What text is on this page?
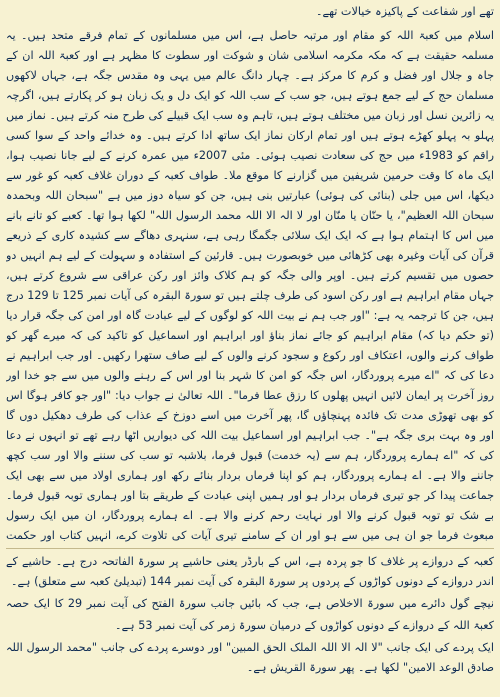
تھے اور شفاعت کے پاکیزہ خیالات تھے۔

اسلام میں کعبۃ اللہ کو مقام اور مرتبہ حاصل ہے، اس میں مسلمانوں کے تمام فرقے متحد ہیں۔ یہ مسلمہ حقیقت ہے کہ مکہ مکرمہ اسلامی شان و شوکت اور سطوت کا مظہر ہے اور کعبۃ اللہ ان کے جاہ و جلال اور فضل و کرم کا مرکز ہے۔ چہار دانگ عالم میں یہی وہ مقدس جگہ ہے، جہاں لاکھوں مسلمان حج کے لیے جمع ہوتے ہیں، جو سب کے سب اللہ کو ایک دل و یک زبان ہو کر پکارتے ہیں، اگرچہ یہ زائرین نسل اور زبان میں مختلف ہوتے ہیں، تاہم وہ سب ایک قبیلے کی طرح منہ کرتے ہیں۔ نماز میں پہلو بہ پہلو کھڑے ہوتے ہیں اور تمام ارکان نماز ایک ساتھ ادا کرتے ہیں۔ وہ خدائے واحد کے سوا کسی

راقم کو 1983ء میں حج کی سعادت نصیب ہوئی۔ مئی 2007ء میں عمرہ کرنے کے لیے جانا نصیب ہوا، ایک ماہ کا وقت حرمین شریفین میں گزارنے کا موقع ملا۔ طواف کعبہ کے دوران غلاف کعبہ کو غور سے دیکھا، اس میں جلی (بنائی کی ہوئی) عبارتیں بنی ہیں، جن کو سیاہ دوز میں ہے "سبحان اللہ وبحمدہ سبحان اللہ العظیم"، یا حنّان یا منّان اور لا الہ الا اللہ محمد الرسول اللہ" لکھا ہوا تھا۔ کعبے کو تانے بانے میں اس کا اہتمام ہوا ہے کہ ایک ایک سلائی جگمگا رہی ہے، سنہری دھاگے سے کشیدہ کاری کے ذریعے قرآن کی آیات وغیرہ بھی کڑھائی میں خوبصورت ہیں۔ قارئین کے استفادہ و سہولت کے لیے ہم انہیں دو حصوں میں تقسیم کرتے ہیں۔ اوپر والی جگہ کو ہم کلاک وائز اور رکن عراقی سے شروع کرتے ہیں، جہاں مقام ابراہیم ہے اور رکن اسود کی طرف چلتے ہیں تو سورۃ البقرہ کی آیات نمبر 125 تا 129 درج ہیں، جن کا ترجمہ یہ ہے: "اور جب ہم نے بیت اللہ کو لوگوں کے لیے عبادت گاہ اور امن کی جگہ قرار دیا (تو حکم دیا کہ) مقام ابراہیم کو جائے نماز بناؤ اور ابراہیم اور اسماعیل کو تاکید کی کہ میرے گھر کو طواف کرنے والوں، اعتکاف اور رکوع و سجود کرنے والوں کے لیے صاف ستھرا رکھیں۔ اور جب ابراہیم نے دعا کی کہ "اے میرے پروردگار، اس جگہ کو امن کا شہر بنا اور اس کے رہنے والوں میں سے جو خدا اور روز آخرت پر ایمان لائیں انہیں پھلوں کا رزق عطا فرما"۔ اللہ تعالیٰ نے جواب دیا: "اور جو کافر ہوگا اس کو بھی تھوڑی مدت تک فائدہ پہنچاؤں گا، پھر آخرت میں اسے دوزخ کے عذاب کی طرف دھکیل دوں گا اور وہ بہت بری جگہ ہے"۔ جب ابراہیم اور اسماعیل بیت اللہ کی دیواریں اٹھا رہے تھے تو انہوں نے دعا کی کہ "اے ہمارے پروردگار، ہم سے (یہ خدمت) قبول فرما، بلاشبہ تو سب کی سننے والا اور سب کچھ جاننے والا ہے۔ اے ہمارے پروردگار، ہم کو اپنا فرماں بردار بنائے رکھ اور ہماری اولاد میں سے بھی ایک جماعت پیدا کر جو تیری فرماں بردار ہو اور ہمیں اپنی عبادت کے طریقے بتا اور ہماری توبہ قبول فرما۔ بے شک تو توبہ قبول کرنے والا اور نہایت رحم کرنے والا ہے۔ اے ہمارے پروردگار، ان میں ایک رسول مبعوث فرما جو ان ہی میں سے ہو اور ان کے سامنے تیری آیات کی تلاوت کرے، انہیں کتاب اور حکمت

کعبہ کے دروازے پر غلاف کا جو پردہ ہے، اس کے بارڈر یعنی حاشیے پر سورۃ الفاتحہ درج ہے۔ حاشیے کے اندر دروازے کے دونوں کواڑوں کے پردوں پر سورۃ البقرہ کی آیت نمبر 144 (تبدیلیٔ کعبہ سے متعلق) ہے۔

نیچے گول دائرے میں سورۃ الاخلاص ہے، جب کہ بائیں جانب سورۃ الفتح کی آیت نمبر 29 کا ایک حصہ

کعبۃ اللہ کے دروازے کے دونوں کواڑوں کے درمیان سورۃ زمر کی آیت نمبر 53 ہے۔

ایک پردے کی ایک جانب "لا الہ الا اللہ الملک الحق المبین" اور دوسرے پردے کی جانب "محمد الرسول اللہ صادق الوعد الامین" لکھا ہے۔ پھر سورۃ القریش ہے۔
